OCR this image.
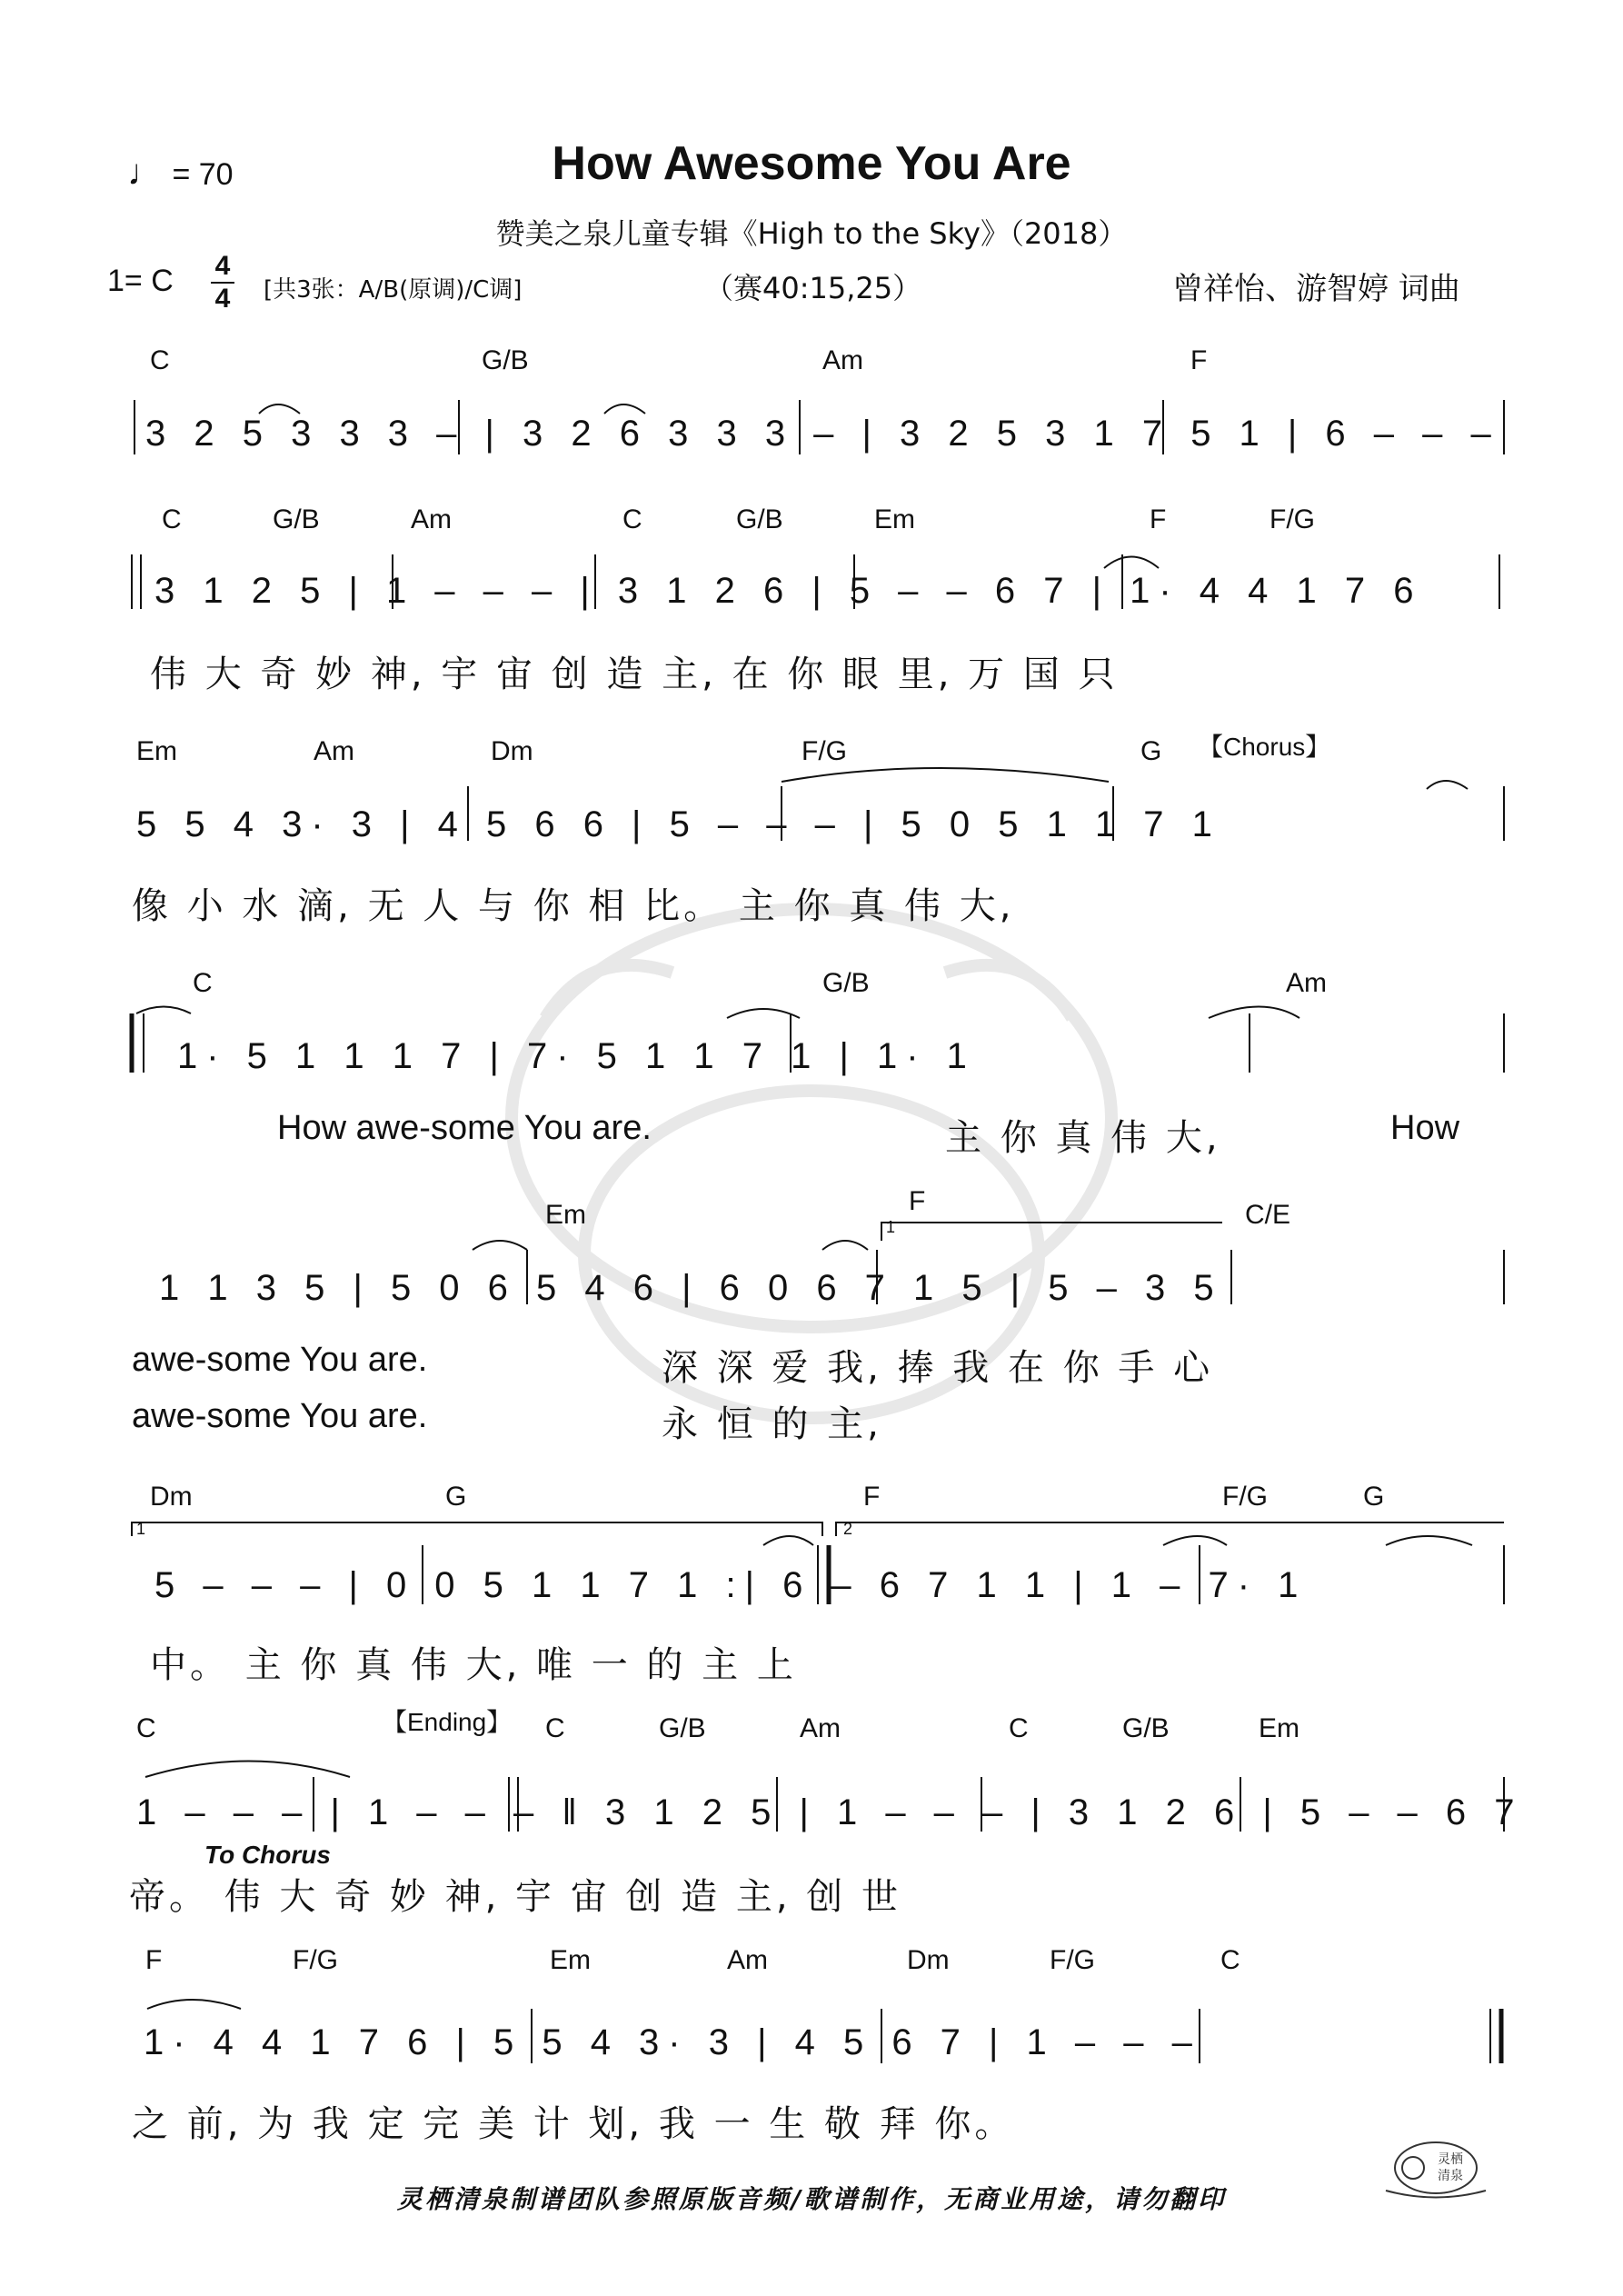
♩ = 70	How Awesome You Are
赞美之泉儿童专辑《High to the Sky》（2018）
1= C 4
4 [共3张：A/B(原调)/C调]	（赛40:15,25）	曾祥怡、游智婷 词曲
C	G/B	Am	F
3 2 5 3 3 3 – | 3 2 6 3 3 3 – | 3 2 5 3 1 7 5 1 | 6 – – –
C	G/B	Am	C	G/B	Em	F	F/G
3 1 2 5 | 1 – – – | 3 1 2 6 | 5 – – 6 7 | 1· 4 4 1 7 6
伟 大 奇 妙 神, 宇 宙 创 造 主, 在 你 眼 里, 万 国 只
Em	Am	Dm	F/G	G 【Chorus】
5 5 4 3· 3 | 4 5 6 6 | 5 – – – | 5 0 5 1 1 7 1
像 小 水 滴, 无 人 与 你 相 比。 主 你 真 伟 大,
C	G/B	Am
1· 5 1 1 1 7 | 7· 5 1 1 7 1 | 1· 1
How awe-some You are.	主 你 真 伟 大,	How
Em	F	C/E
1
1 1 3 5 | 5 0 6 5 4 6 | 6 0 6 7 1 5 | 5 – 3 5
awe-some You are.	深 深 爱 我, 捧 我 在 你 手 心
awe-some You are.	永 恒 的 主,
Dm	G	F	F/G	G
1	2
5 – – – | 0 0 5 1 1 7 1 :| 6 – 6 7 1 1 | 1 – 7· 1
中。 主 你 真 伟 大, 唯 一 的 主 上
C	【Ending】 C	G/B	Am	C	G/B	Em
1 – – – | 1 – – – ‖ 3 1 2 5 | 1 – – – | 3 1 2 6 | 5 – – 6 7
To Chorus
帝。 伟 大 奇 妙 神, 宇 宙 创 造 主, 创 世
F	F/G	Em	Am	Dm	F/G	C
1· 4 4 1 7 6 | 5 5 4 3· 3 | 4 5 6 7 | 1 – – –
之 前, 为 我 定 完 美 计 划, 我 一 生 敬 拜 你。
灵栖清泉制谱团队参照原版音频/歌谱制作，无商业用途，请勿翻印
灵栖
清泉
